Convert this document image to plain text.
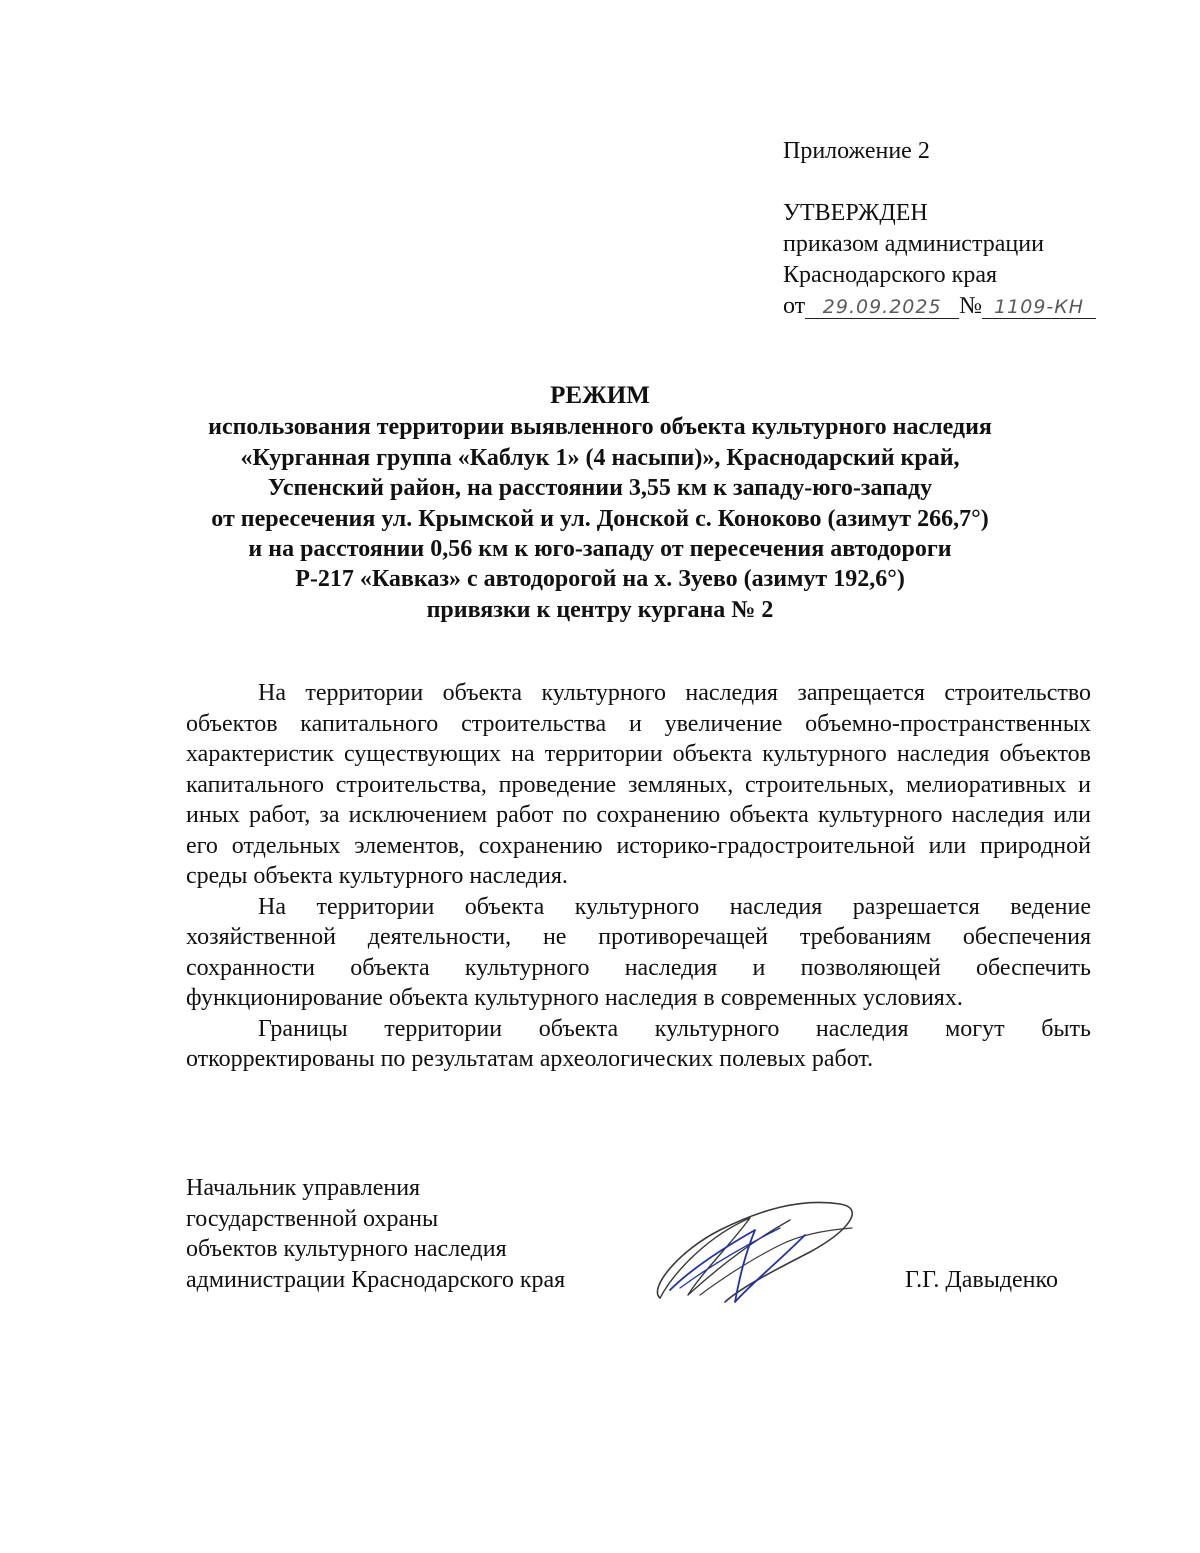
Приложение 2
УТВЕРЖДЕН
приказом администрации
Краснодарского края
от 29.09.2025 № 1109-КН
РЕЖИМ
использования территории выявленного объекта культурного наследия
«Курганная группа «Каблук 1» (4 насыпи)», Краснодарский край,
Успенский район, на расстоянии 3,55 км к западу-юго-западу
от пересечения ул. Крымской и ул. Донской с. Коноково (азимут 266,7°)
и на расстоянии 0,56 км к юго-западу от пересечения автодороги
Р-217 «Кавказ» с автодорогой на х. Зуево (азимут 192,6°)
привязки к центру кургана № 2

На территории объекта культурного наследия запрещается строительство объектов капитального строительства и увеличение объемно-пространственных характеристик существующих на территории объекта культурного наследия объектов капитального строительства, проведение земляных, строительных, мелиоративных и иных работ, за исключением работ по сохранению объекта культурного наследия или его отдельных элементов, сохранению историко-градостроительной или природной среды объекта культурного наследия.

На территории объекта культурного наследия разрешается ведение хозяйственной деятельности, не противоречащей требованиям обеспечения сохранности объекта культурного наследия и позволяющей обеспечить функционирование объекта культурного наследия в современных условиях.

Границы территории объекта культурного наследия могут быть откорректированы по результатам археологических полевых работ.

Начальник управления
государственной охраны
объектов культурного наследия
администрации Краснодарского края	Г.Г. Давыденко
